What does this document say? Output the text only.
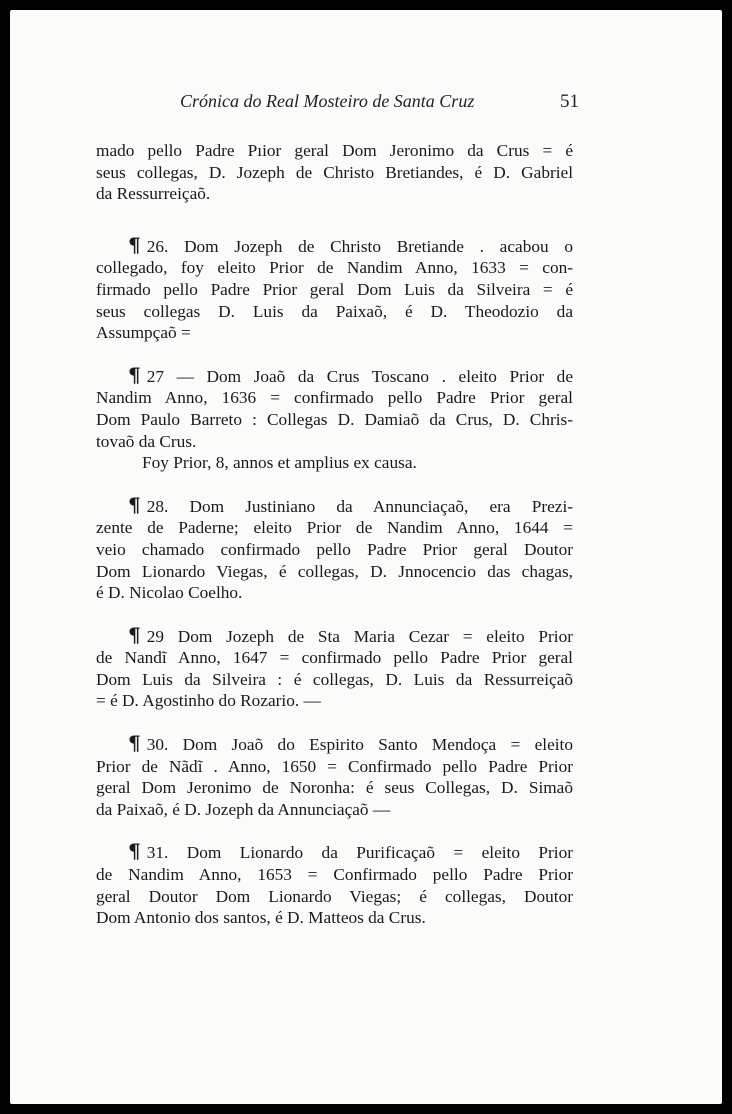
Crónica do Real Mosteiro de Santa Cruz	51

mado pello Padre Pıior geral Dom Jeronimo da Crus = é
seus collegas, D. Jozeph de Christo Bretiandes, é D. Gabriel
da Ressurreiçaõ.

¶ 26. Dom Jozeph de Christo Bretiande . acabou o
collegado, foy eleito Prior de Nandim Anno, 1633 = con-
firmado pello Padre Prior geral Dom Luis da Silveira = é
seus collegas D. Luis da Paixaõ, é D. Theodozio da
Assumpçaõ =

¶ 27 — Dom Joaõ da Crus Toscano . eleito Prior de
Nandim Anno, 1636 = confirmado pello Padre Prior geral
Dom Paulo Barreto : Collegas D. Damiaõ da Crus, D. Chris-
tovaõ da Crus.
Foy Prior, 8, annos et amplius ex causa.

¶ 28. Dom Justiniano da Annunciaçaõ, era Prezi-
zente de Paderne; eleito Prior de Nandim Anno, 1644 =
veio chamado confirmado pello Padre Prior geral Doutor
Dom Lionardo Viegas, é collegas, D. Jnnocencio das chagas,
é D. Nicolao Coelho.

¶ 29 Dom Jozeph de Sta Maria Cezar = eleito Prior
de Nandĩ Anno, 1647 = confirmado pello Padre Prior geral
Dom Luis da Silveira : é collegas, D. Luis da Ressurreiçaõ
= é D. Agostinho do Rozario. —

¶ 30. Dom Joaõ do Espirito Santo Mendoça = eleito
Prior de Nãdĩ . Anno, 1650 = Confirmado pello Padre Prior
geral Dom Jeronimo de Noronha: é seus Collegas, D. Simaõ
da Paixaõ, é D. Jozeph da Annunciaçaõ —

¶ 31. Dom Lionardo da Purificaçaõ = eleito Prior
de Nandim Anno, 1653 = Confirmado pello Padre Prior
geral Doutor Dom Lionardo Viegas; é collegas, Doutor
Dom Antonio dos santos, é D. Matteos da Crus.
